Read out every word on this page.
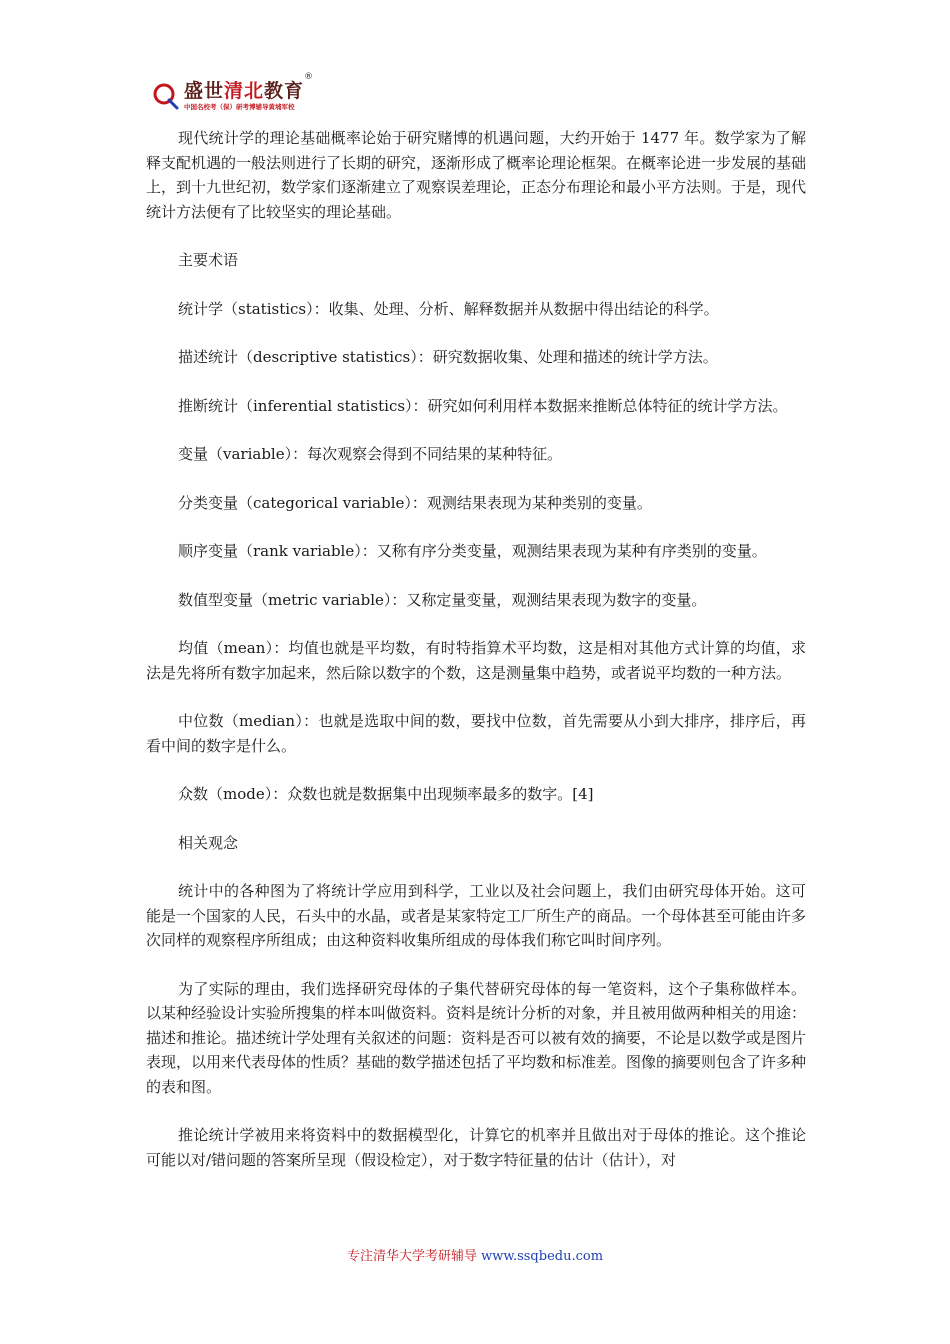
盛世清北教育
®
中国名校考（保）研考博辅导黄埔军校

现代统计学的理论基础概率论始于研究赌博的机遇问题，大约开始于 1477 年。数学家为了解释支配机遇的一般法则进行了长期的研究，逐渐形成了概率论理论框架。在概率论进一步发展的基础上，到十九世纪初，数学家们逐渐建立了观察误差理论，正态分布理论和最小平方法则。于是，现代统计方法便有了比较坚实的理论基础。

主要术语

统计学（statistics）：收集、处理、分析、解释数据并从数据中得出结论的科学。

描述统计（descriptive statistics）：研究数据收集、处理和描述的统计学方法。

推断统计（inferential statistics）：研究如何利用样本数据来推断总体特征的统计学方法。

变量（variable）：每次观察会得到不同结果的某种特征。

分类变量（categorical variable）：观测结果表现为某种类别的变量。

顺序变量（rank variable）：又称有序分类变量，观测结果表现为某种有序类别的变量。

数值型变量（metric variable）：又称定量变量，观测结果表现为数字的变量。

均值（mean）：均值也就是平均数，有时特指算术平均数，这是相对其他方式计算的均值，求法是先将所有数字加起来，然后除以数字的个数，这是测量集中趋势，或者说平均数的一种方法。

中位数（median）：也就是选取中间的数，要找中位数，首先需要从小到大排序，排序后，再看中间的数字是什么。

众数（mode）：众数也就是数据集中出现频率最多的数字。[4]

相关观念

统计中的各种图为了将统计学应用到科学，工业以及社会问题上，我们由研究母体开始。这可能是一个国家的人民，石头中的水晶，或者是某家特定工厂所生产的商品。一个母体甚至可能由许多次同样的观察程序所组成；由这种资料收集所组成的母体我们称它叫时间序列。

为了实际的理由，我们选择研究母体的子集代替研究母体的每一笔资料，这个子集称做样本。以某种经验设计实验所搜集的样本叫做资料。资料是统计分析的对象，并且被用做两种相关的用途：描述和推论。描述统计学处理有关叙述的问题：资料是否可以被有效的摘要，不论是以数学或是图片表现，以用来代表母体的性质？基础的数学描述包括了平均数和标准差。图像的摘要则包含了许多种的表和图。

推论统计学被用来将资料中的数据模型化，计算它的机率并且做出对于母体的推论。这个推论可能以对/错问题的答案所呈现（假设检定），对于数字特征量的估计（估计），对

专注清华大学考研辅导 www.ssqbedu.com
